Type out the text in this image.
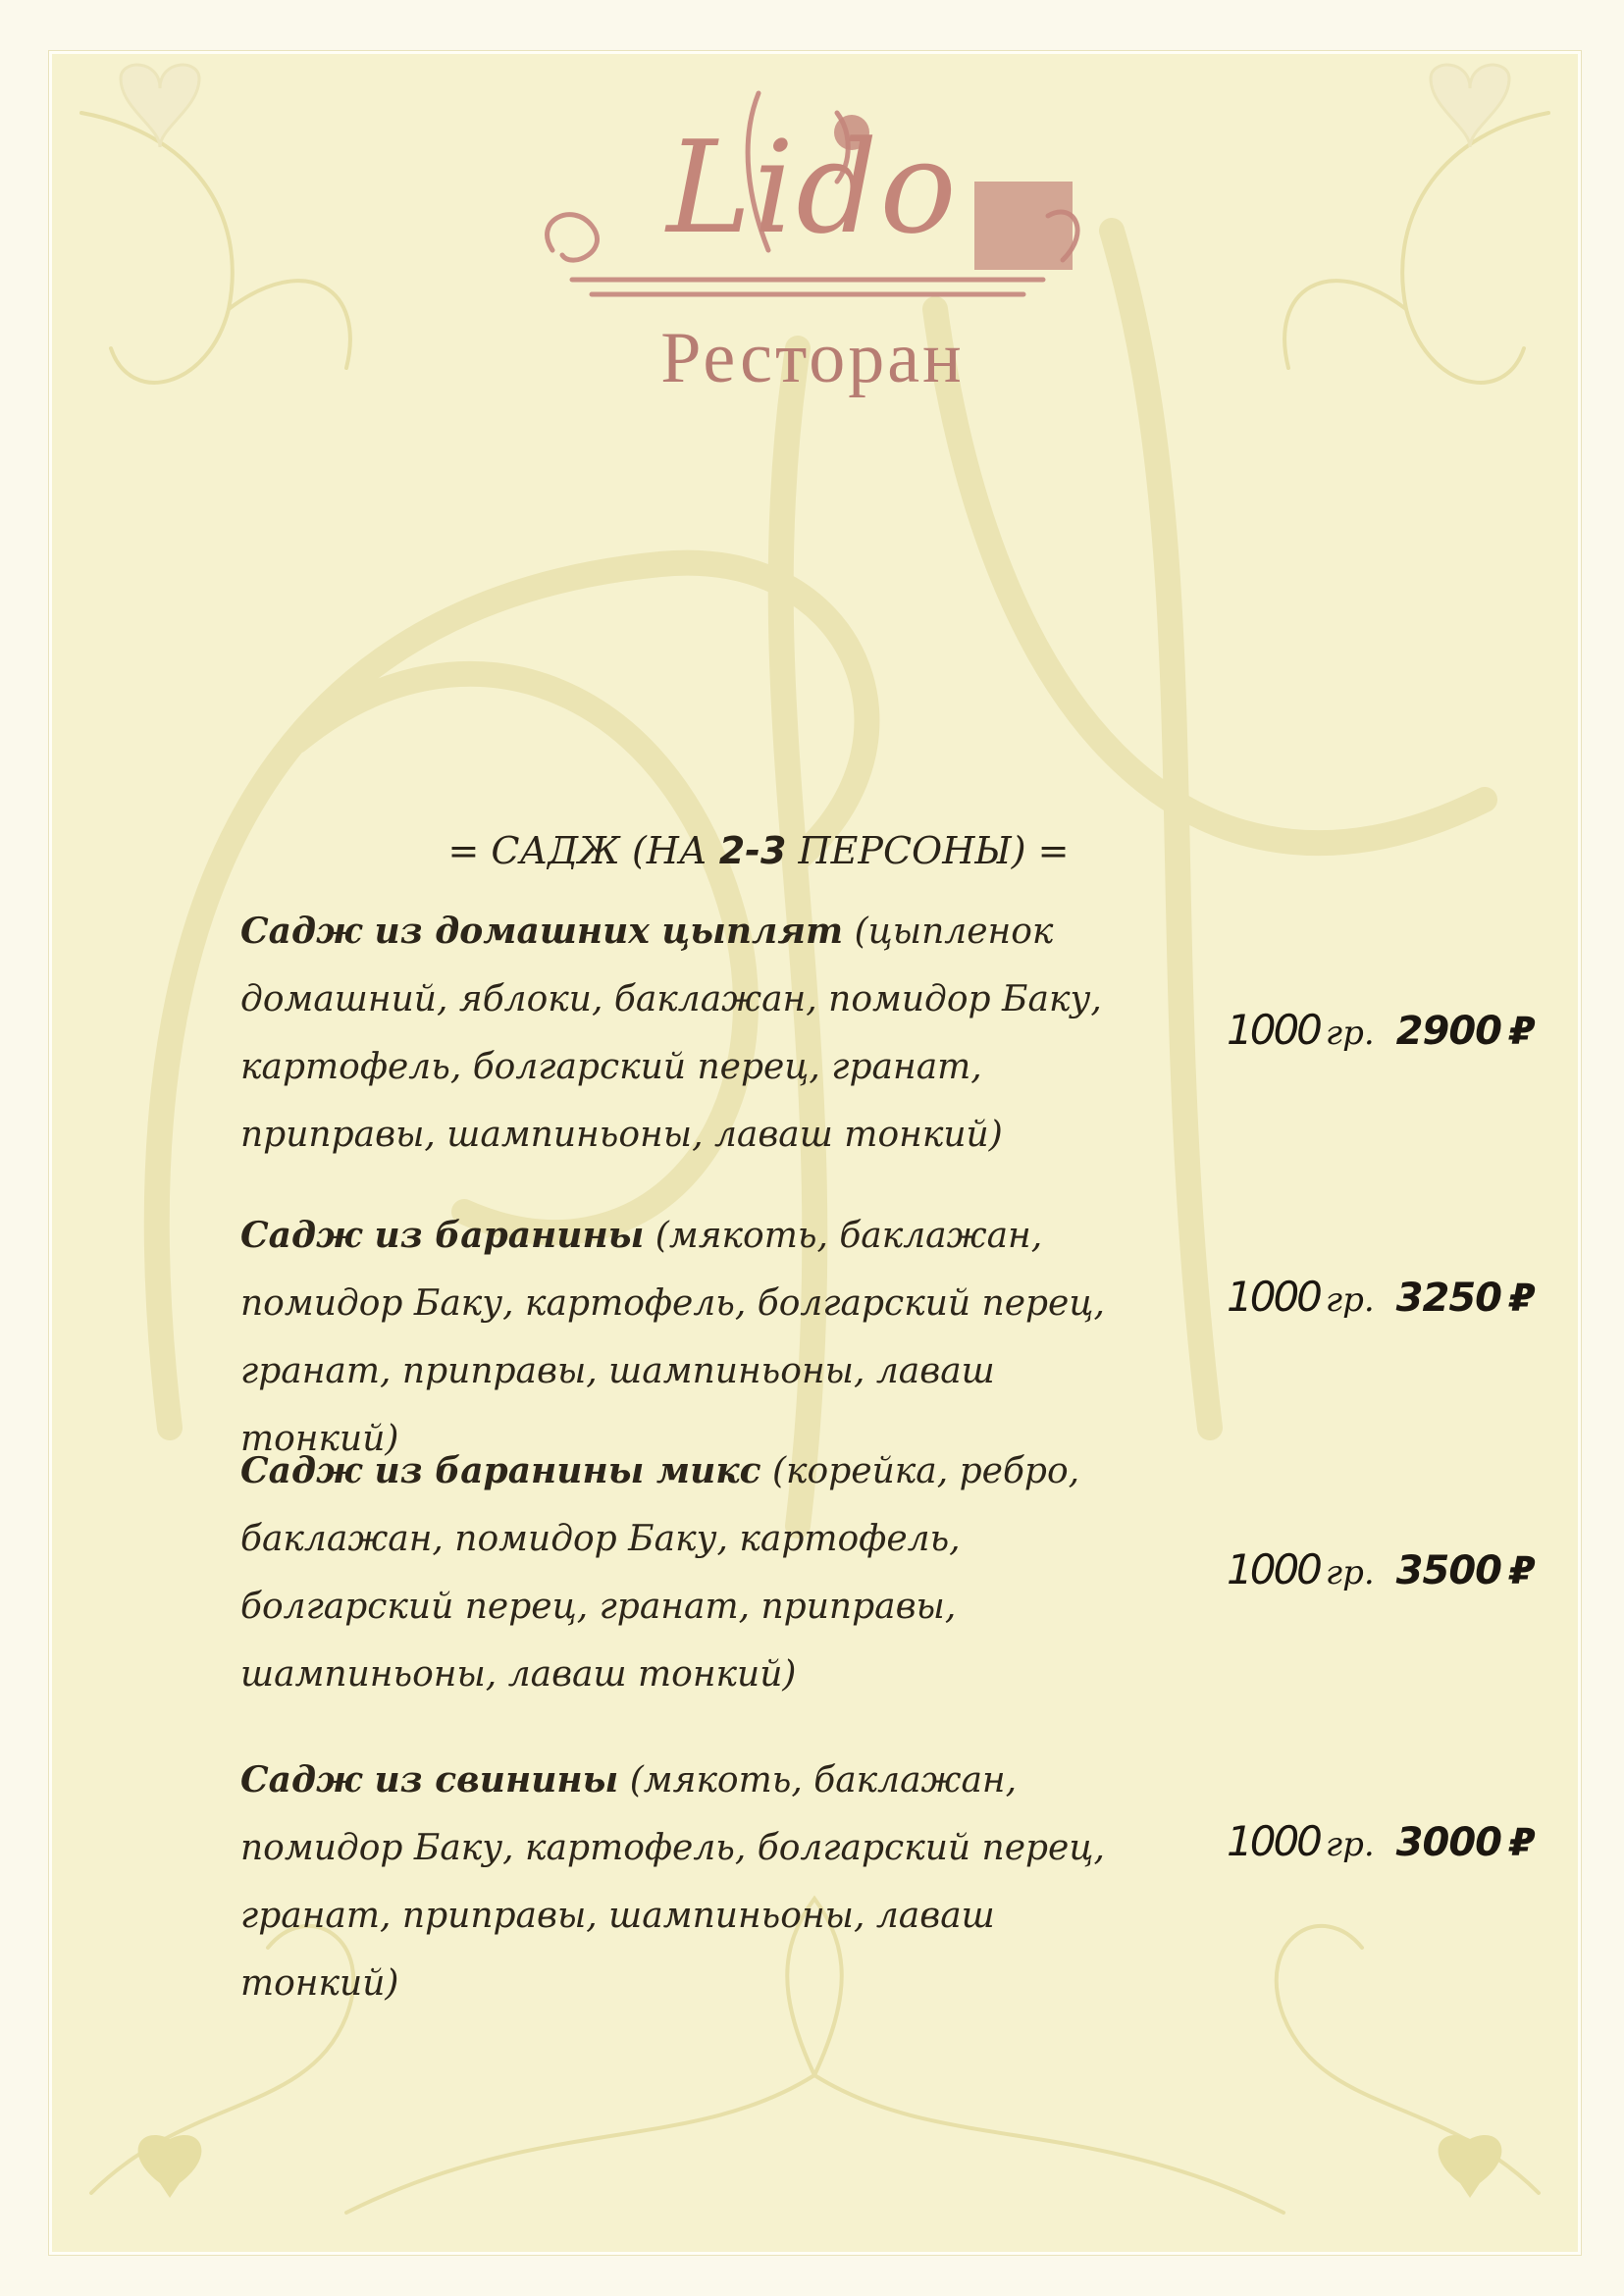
Lido
Ресторан
= САДЖ (НА 2-3 ПЕРСОНЫ) =
Садж из домашних цыплят (цыпленок домашний, яблоки, баклажан, помидор Баку, картофель, болгарский перец, гранат, приправы, шампиньоны, лаваш тонкий)
1000 гр. 2900 ₽
Садж из баранины (мякоть, баклажан, помидор Баку, картофель, болгарский перец, гранат, приправы, шампиньоны, лаваш тонкий)
1000 гр. 3250 ₽
Садж из баранины микс (корейка, ребро, баклажан, помидор Баку, картофель, болгарский перец, гранат, приправы, шампиньоны, лаваш тонкий)
1000 гр. 3500 ₽
Садж из свинины (мякоть, баклажан, помидор Баку, картофель, болгарский перец, гранат, приправы, шампиньоны, лаваш тонкий)
1000 гр. 3000 ₽
